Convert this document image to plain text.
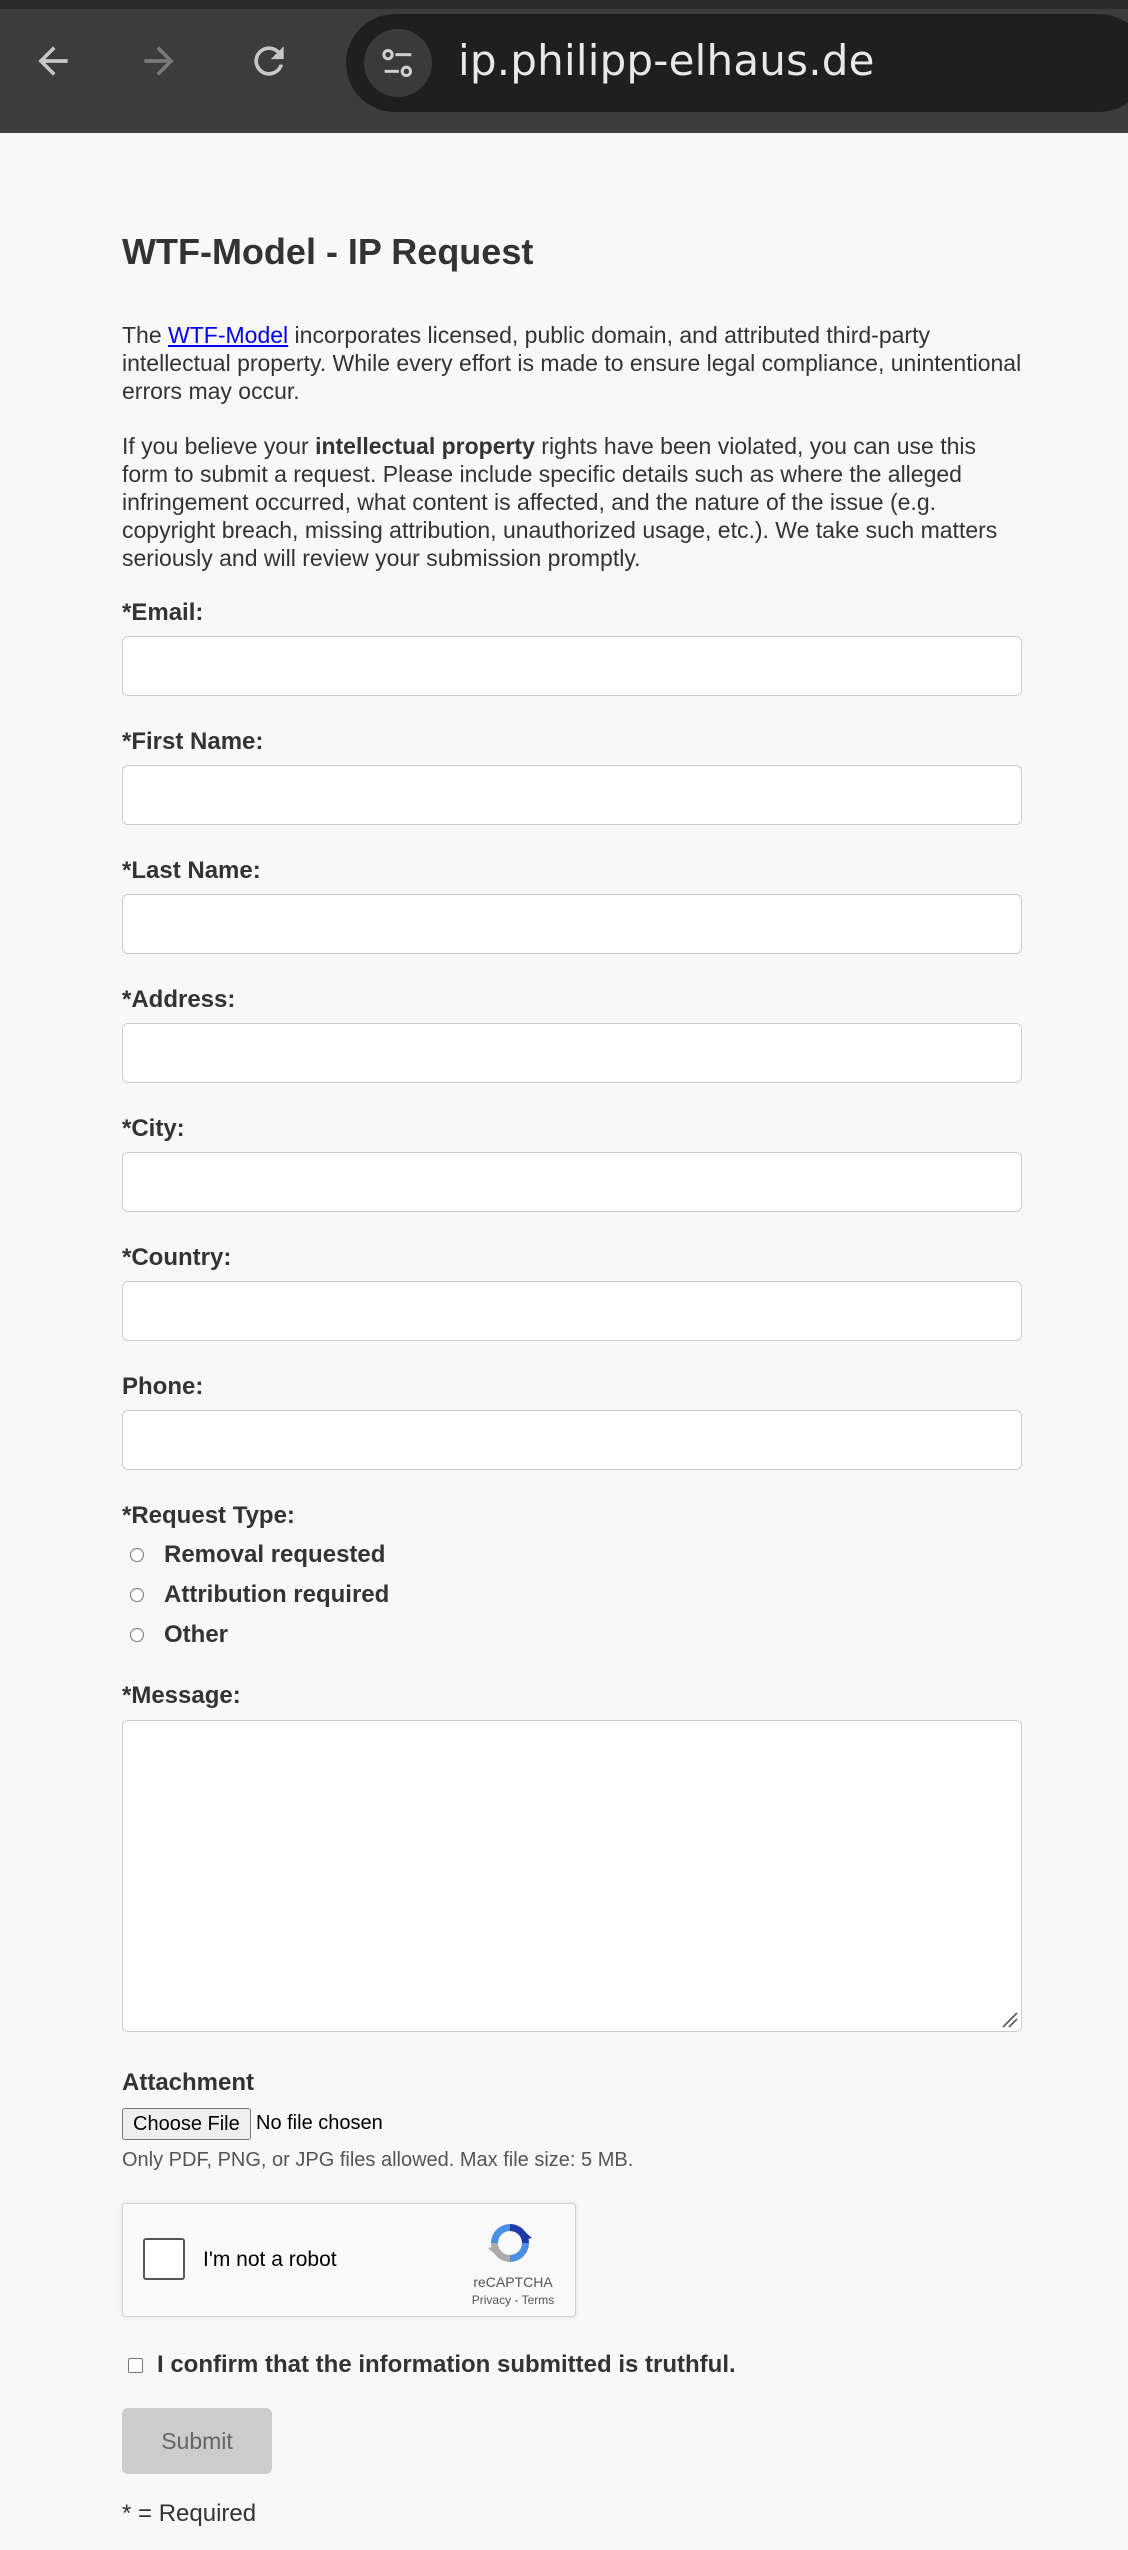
ip.philipp-elhaus.de
WTF-Model - IP Request

The WTF-Model incorporates licensed, public domain, and attributed third-party intellectual property. While every effort is made to ensure legal compliance, unintentional errors may occur.

If you believe your intellectual property rights have been violated, you can use this form to submit a request. Please include specific details such as where the alleged infringement occurred, what content is affected, and the nature of the issue (e.g. copyright breach, missing attribution, unauthorized usage, etc.). We take such matters seriously and will review your submission promptly.

*Email:
*First Name:
*Last Name:
*Address:
*City:
*Country:
Phone:
*Request Type:
Removal requested
Attribution required
Other
*Message:
Attachment
Choose File No file chosen
Only PDF, PNG, or JPG files allowed. Max file size: 5 MB.
I'm not a robot
reCAPTCHA
Privacy - Terms
I confirm that the information submitted is truthful.
Submit
* = Required
